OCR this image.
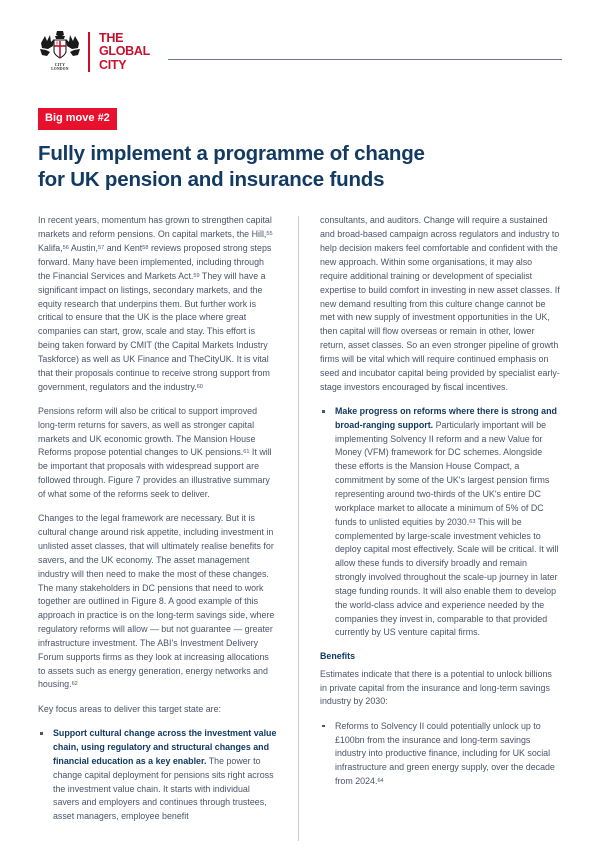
CITY
LONDON
THE
GLOBAL
CITY
Big move #2
Fully implement a programme of change
for UK pension and insurance funds

In recent years, momentum has grown to strengthen capital markets and reform pensions. On capital markets, the Hill,$^{55}$ Kalifa,$^{56}$ Austin,$^{57}$ and Kent$^{58}$ reviews proposed strong steps forward. Many have been implemented, including through the Financial Services and Markets Act.$^{59}$ They will have a significant impact on listings, secondary markets, and the equity research that underpins them. But further work is critical to ensure that the UK is the place where great companies can start, grow, scale and stay. This effort is being taken forward by CMIT (the Capital Markets Industry Taskforce) as well as UK Finance and TheCityUK. It is vital that their proposals continue to receive strong support from government, regulators and the industry.$^{60}$

Pensions reform will also be critical to support improved long-term returns for savers, as well as stronger capital markets and UK economic growth. The Mansion House Reforms propose potential changes to UK pensions.$^{61}$ It will be important that proposals with widespread support are followed through. Figure 7 provides an illustrative summary of what some of the reforms seek to deliver.

Changes to the legal framework are necessary. But it is cultural change around risk appetite, including investment in unlisted asset classes, that will ultimately realise benefits for savers, and the UK economy. The asset management industry will then need to make the most of these changes. The many stakeholders in DC pensions that need to work together are outlined in Figure 8. A good example of this approach in practice is on the long-term savings side, where regulatory reforms will allow — but not guarantee — greater infrastructure investment. The ABI's Investment Delivery Forum supports firms as they look at increasing allocations to assets such as energy generation, energy networks and housing.$^{62}$

Key focus areas to deliver this target state are:

Support cultural change across the investment value chain, using regulatory and structural changes and financial education as a key enabler. The power to change capital deployment for pensions sits right across the investment value chain. It starts with individual savers and employers and continues through trustees, asset managers, employee benefit

consultants, and auditors. Change will require a sustained and broad-based campaign across regulators and industry to help decision makers feel comfortable and confident with the new approach. Within some organisations, it may also require additional training or development of specialist expertise to build comfort in investing in new asset classes. If new demand resulting from this culture change cannot be met with new supply of investment opportunities in the UK, then capital will flow overseas or remain in other, lower return, asset classes. So an even stronger pipeline of growth firms will be vital which will require continued emphasis on seed and incubator capital being provided by specialist early-stage investors encouraged by fiscal incentives.

Make progress on reforms where there is strong and broad-ranging support. Particularly important will be implementing Solvency II reform and a new Value for Money (VFM) framework for DC schemes. Alongside these efforts is the Mansion House Compact, a commitment by some of the UK's largest pension firms representing around two-thirds of the UK's entire DC workplace market to allocate a minimum of 5% of DC funds to unlisted equities by 2030.63 This will be complemented by large-scale investment vehicles to deploy capital most effectively. Scale will be critical. It will allow these funds to diversify broadly and remain strongly involved throughout the scale-up journey in later stage funding rounds. It will also enable them to develop the world-class advice and experience needed by the companies they invest in, comparable to that provided currently by US venture capital firms.
Benefits

Estimates indicate that there is a potential to unlock billions in private capital from the insurance and long-term savings industry by 2030:

Reforms to Solvency II could potentially unlock up to £100bn from the insurance and long-term savings industry into productive finance, including for UK social infrastructure and green energy supply, over the decade from 2024.64
